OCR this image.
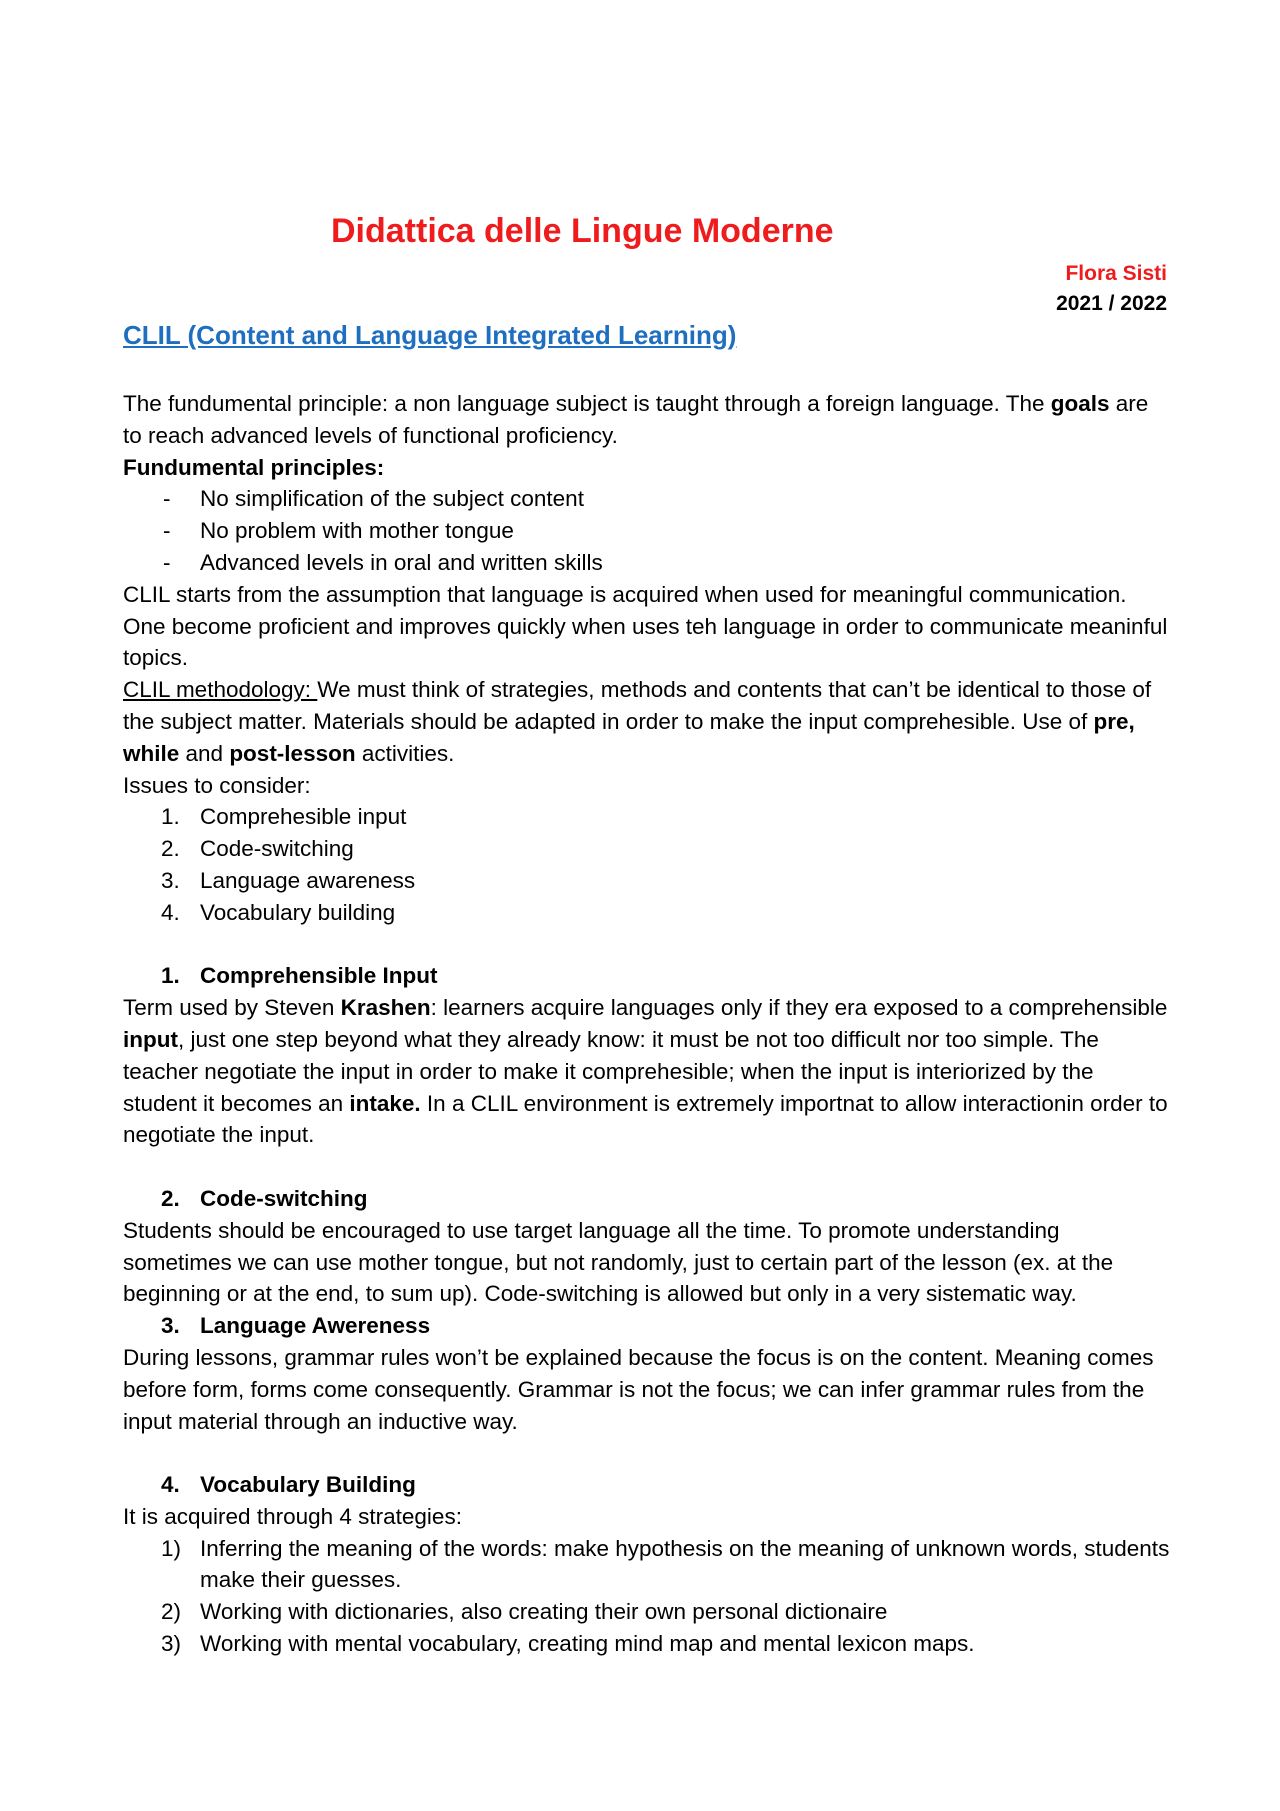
Didattica delle Lingue Moderne
Flora Sisti
2021 / 2022
CLIL (Content and Language Integrated Learning)

The fundumental principle: a non language subject is taught through a foreign language. The goals are to reach advanced levels of functional proficiency.

Fundumental principles:

- No simplification of the subject content
- No problem with mother tongue
- Advanced levels in oral and written skills

CLIL starts from the assumption that language is acquired when used for meaningful communication. One become proficient and improves quickly when uses teh language in order to communicate meaninful topics.

CLIL methodology: We must think of strategies, methods and contents that can’t be identical to those of the subject matter. Materials should be adapted in order to make the input comprehesible. Use of pre, while and post-lesson activities.

Issues to consider:

1. Comprehesible input
2. Code-switching
3. Language awareness
4. Vocabulary building
1. Comprehensible Input

Term used by Steven Krashen: learners acquire languages only if they era exposed to a comprehensible input, just one step beyond what they already know: it must be not too difficult nor too simple. The teacher negotiate the input in order to make it comprehesible; when the input is interiorized by the student it becomes an intake. In a CLIL environment is extremely importnat to allow interactionin order to negotiate the input.

2. Code-switching

Students should be encouraged to use target language all the time. To promote understanding sometimes we can use mother tongue, but not randomly, just to certain part of the lesson (ex. at the beginning or at the end, to sum up). Code-switching is allowed but only in a very sistematic way.

3. Language Awereness

During lessons, grammar rules won’t be explained because the focus is on the content. Meaning comes before form, forms come consequently. Grammar is not the focus; we can infer grammar rules from the input material through an inductive way.

4. Vocabulary Building

It is acquired through 4 strategies:

1) Inferring the meaning of the words: make hypothesis on the meaning of unknown words, students make their guesses.
2) Working with dictionaries, also creating their own personal dictionaire
3) Working with mental vocabulary, creating mind map and mental lexicon maps.
